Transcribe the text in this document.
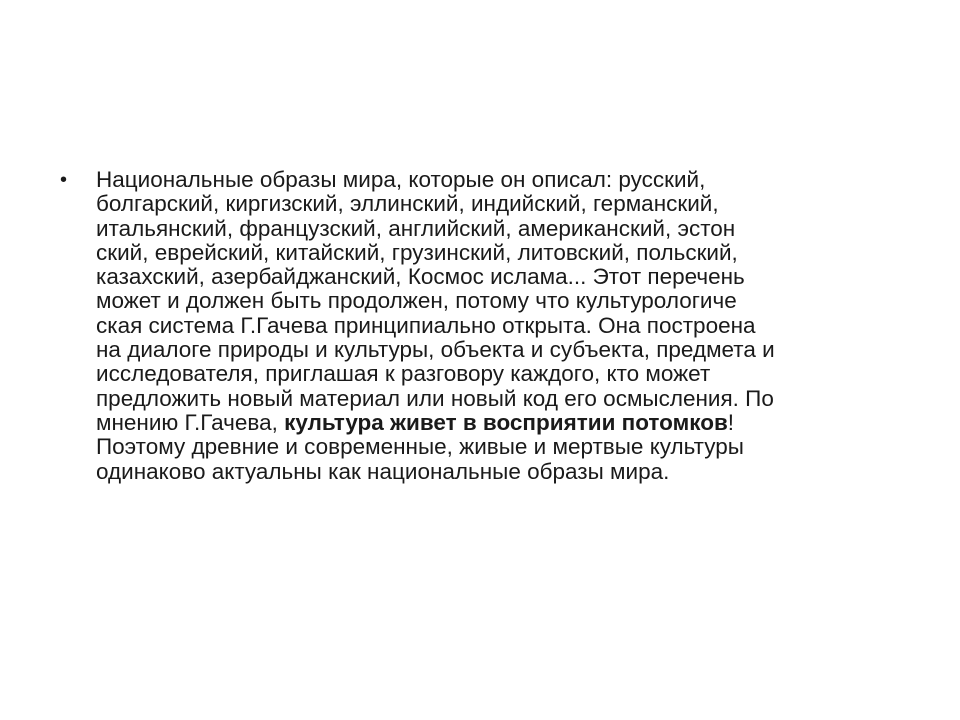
• Национальные образы мира, которые он описал: русский,
болгарский, киргизский, эллинский, индийский, германский,
итальянский, французский, английский, американский, эстон
ский, еврейский, китайский, грузинский, литовский, польский,
казахский, азербайджанский, Космос ислама... Этот перечень
может и должен быть продолжен, потому что культурологиче
ская система Г.Гачева принципиально открыта. Она построена
на диалоге природы и культуры, объекта и субъекта, предмета и
исследователя, приглашая к разговору каждого, кто может
предложить новый материал или новый код его осмысления. По
мнению Г.Гачева, культура живет в восприятии потомков!
Поэтому древние и современные, живые и мертвые культуры
одинаково актуальны как национальные образы мира.
